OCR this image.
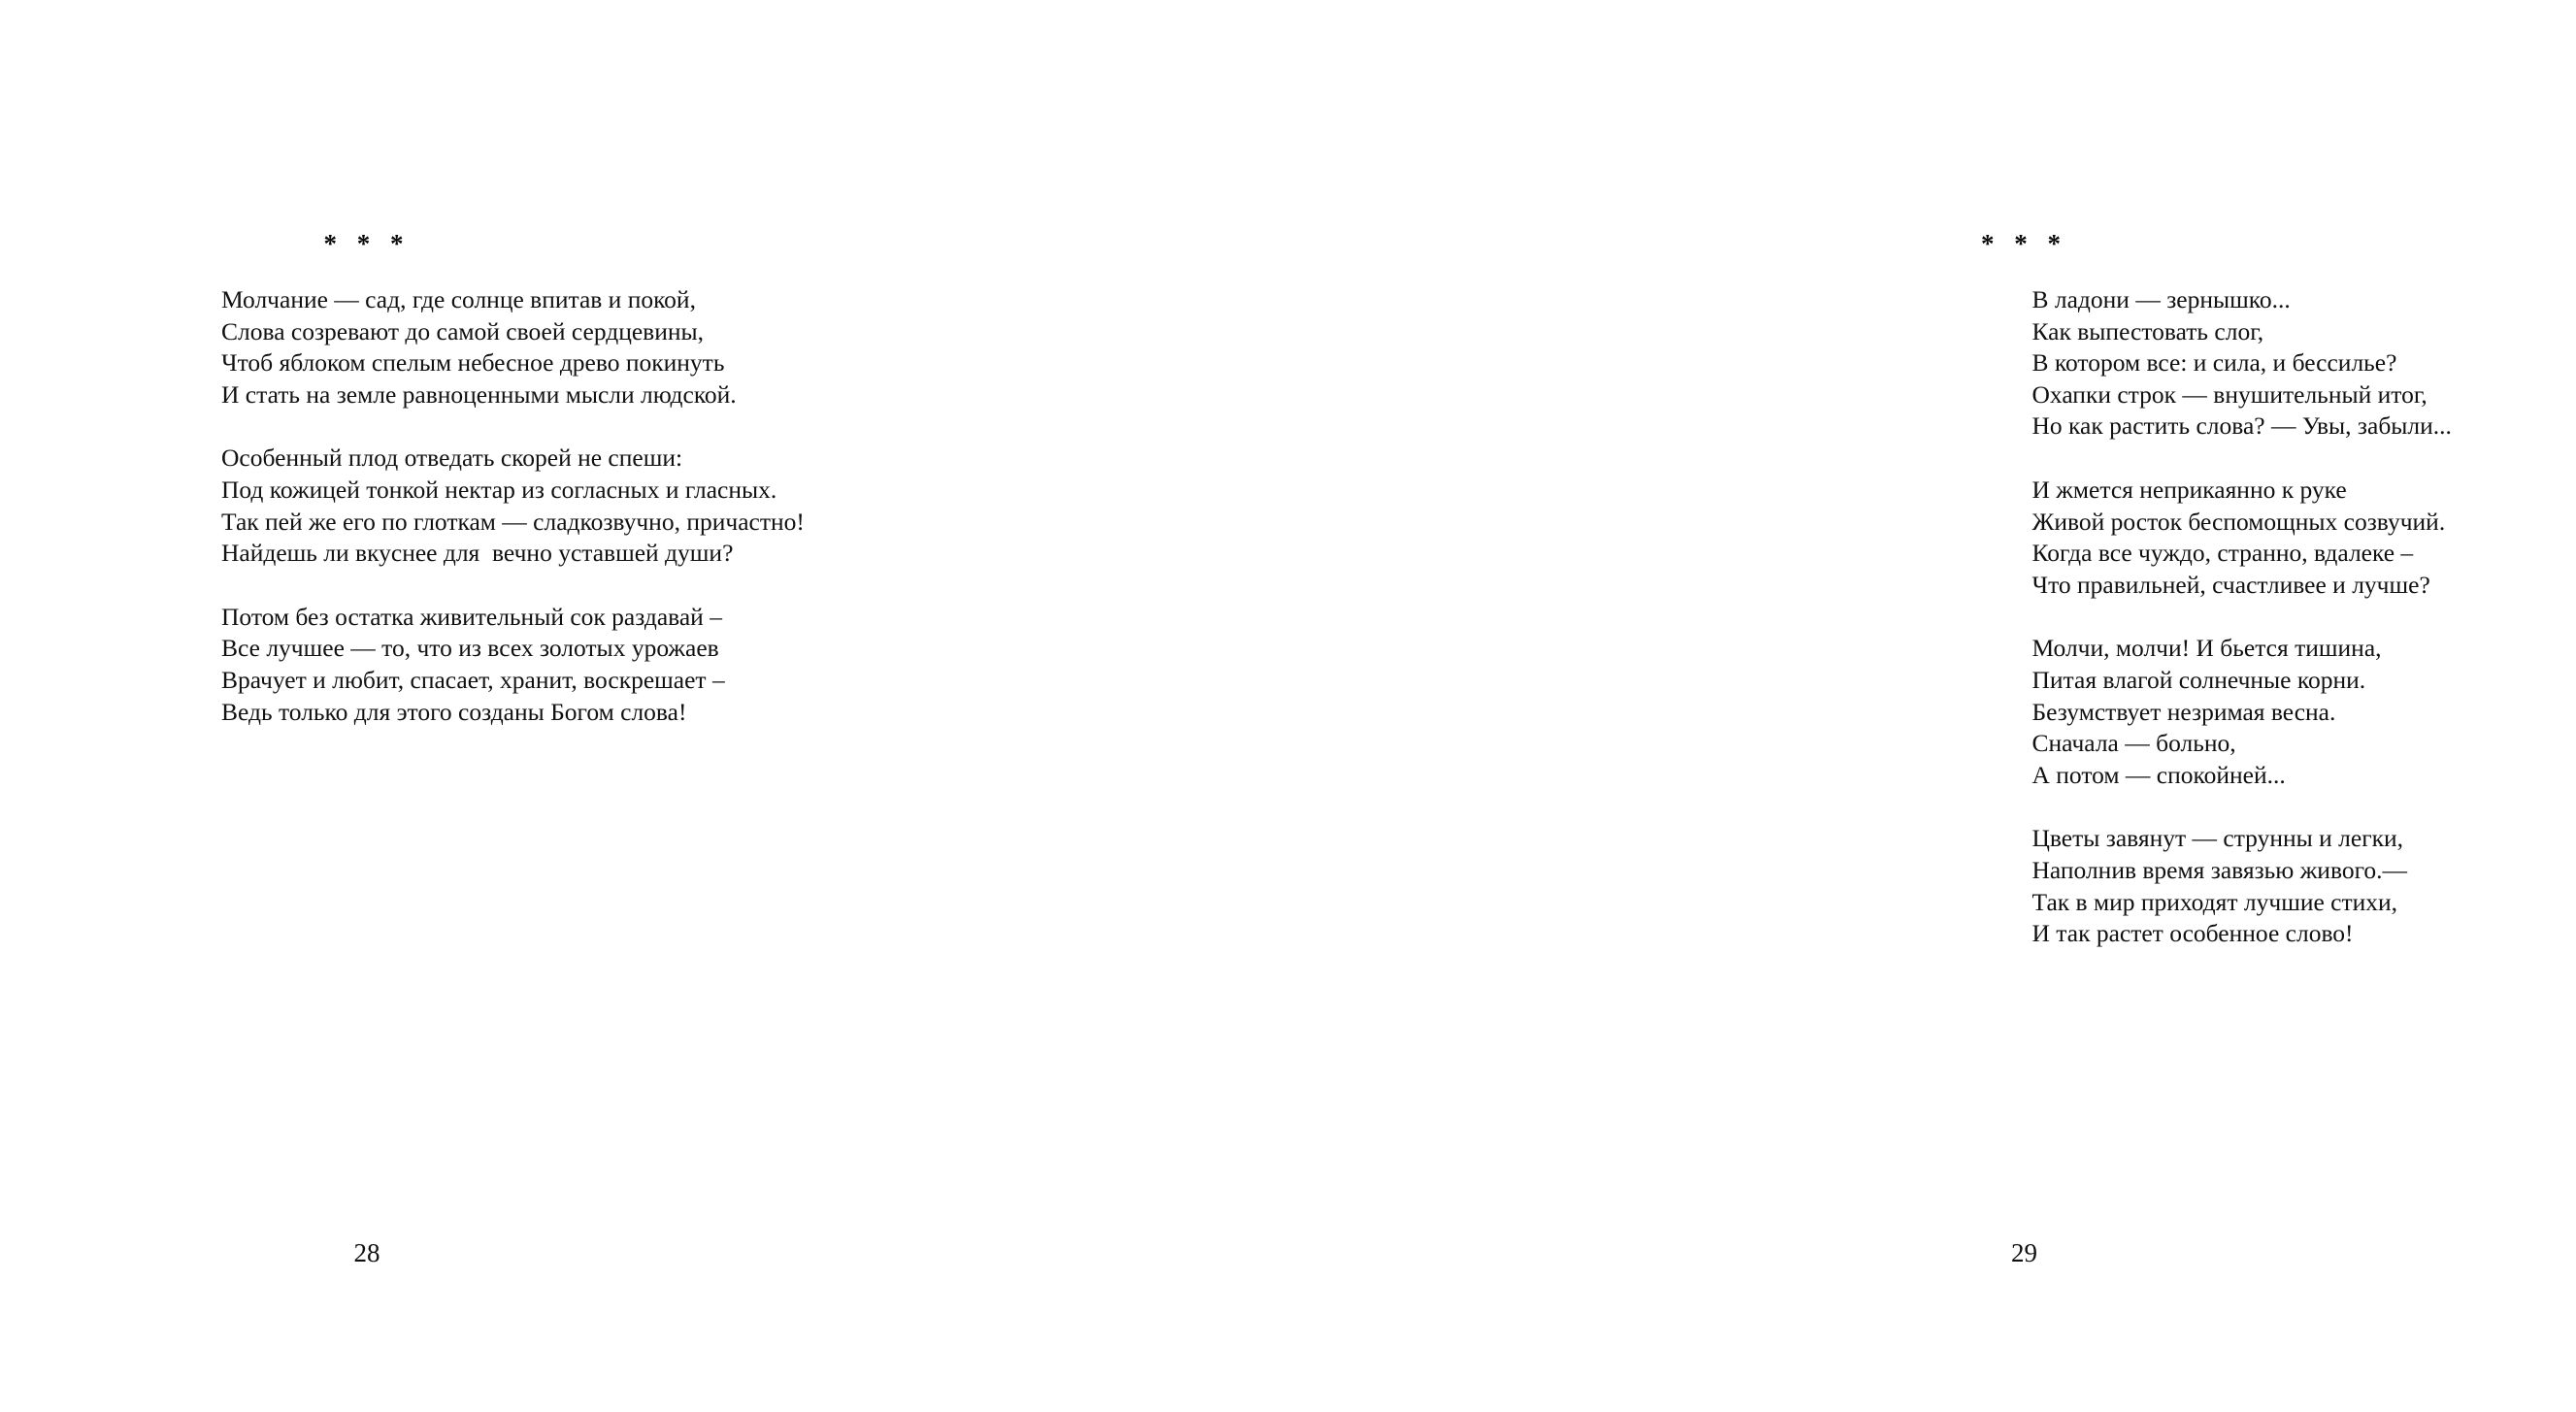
* * *
Молчание — сад, где солнце впитав и покой,
Слова созревают до самой своей сердцевины,
Чтоб яблоком спелым небесное древо покинуть
И стать на земле равноценными мысли людской.
Особенный плод отведать скорей не спеши:
Под кожицей тонкой нектар из согласных и гласных.
Так пей же его по глоткам — сладкозвучно, причастно!
Найдешь ли вкуснее для  вечно уставшей души?
Потом без остатка живительный сок раздавай –
Все лучшее — то, что из всех золотых урожаев
Врачует и любит, спасает, хранит, воскрешает –
Ведь только для этого созданы Богом слова!
28
* * *
В ладони — зернышко...
Как выпестовать слог,
В котором все: и сила, и бессилье?
Охапки строк — внушительный итог,
Но как растить слова? — Увы, забыли...
И жмется неприкаянно к руке
Живой росток беспомощных созвучий.
Когда все чуждо, странно, вдалеке –
Что правильней, счастливее и лучше?
Молчи, молчи! И бьется тишина,
Питая влагой солнечные корни.
Безумствует незримая весна.
Сначала — больно,
А потом — спокойней...
Цветы завянут — струнны и легки,
Наполнив время завязью живого.—
Так в мир приходят лучшие стихи,
И так растет особенное слово!
29
